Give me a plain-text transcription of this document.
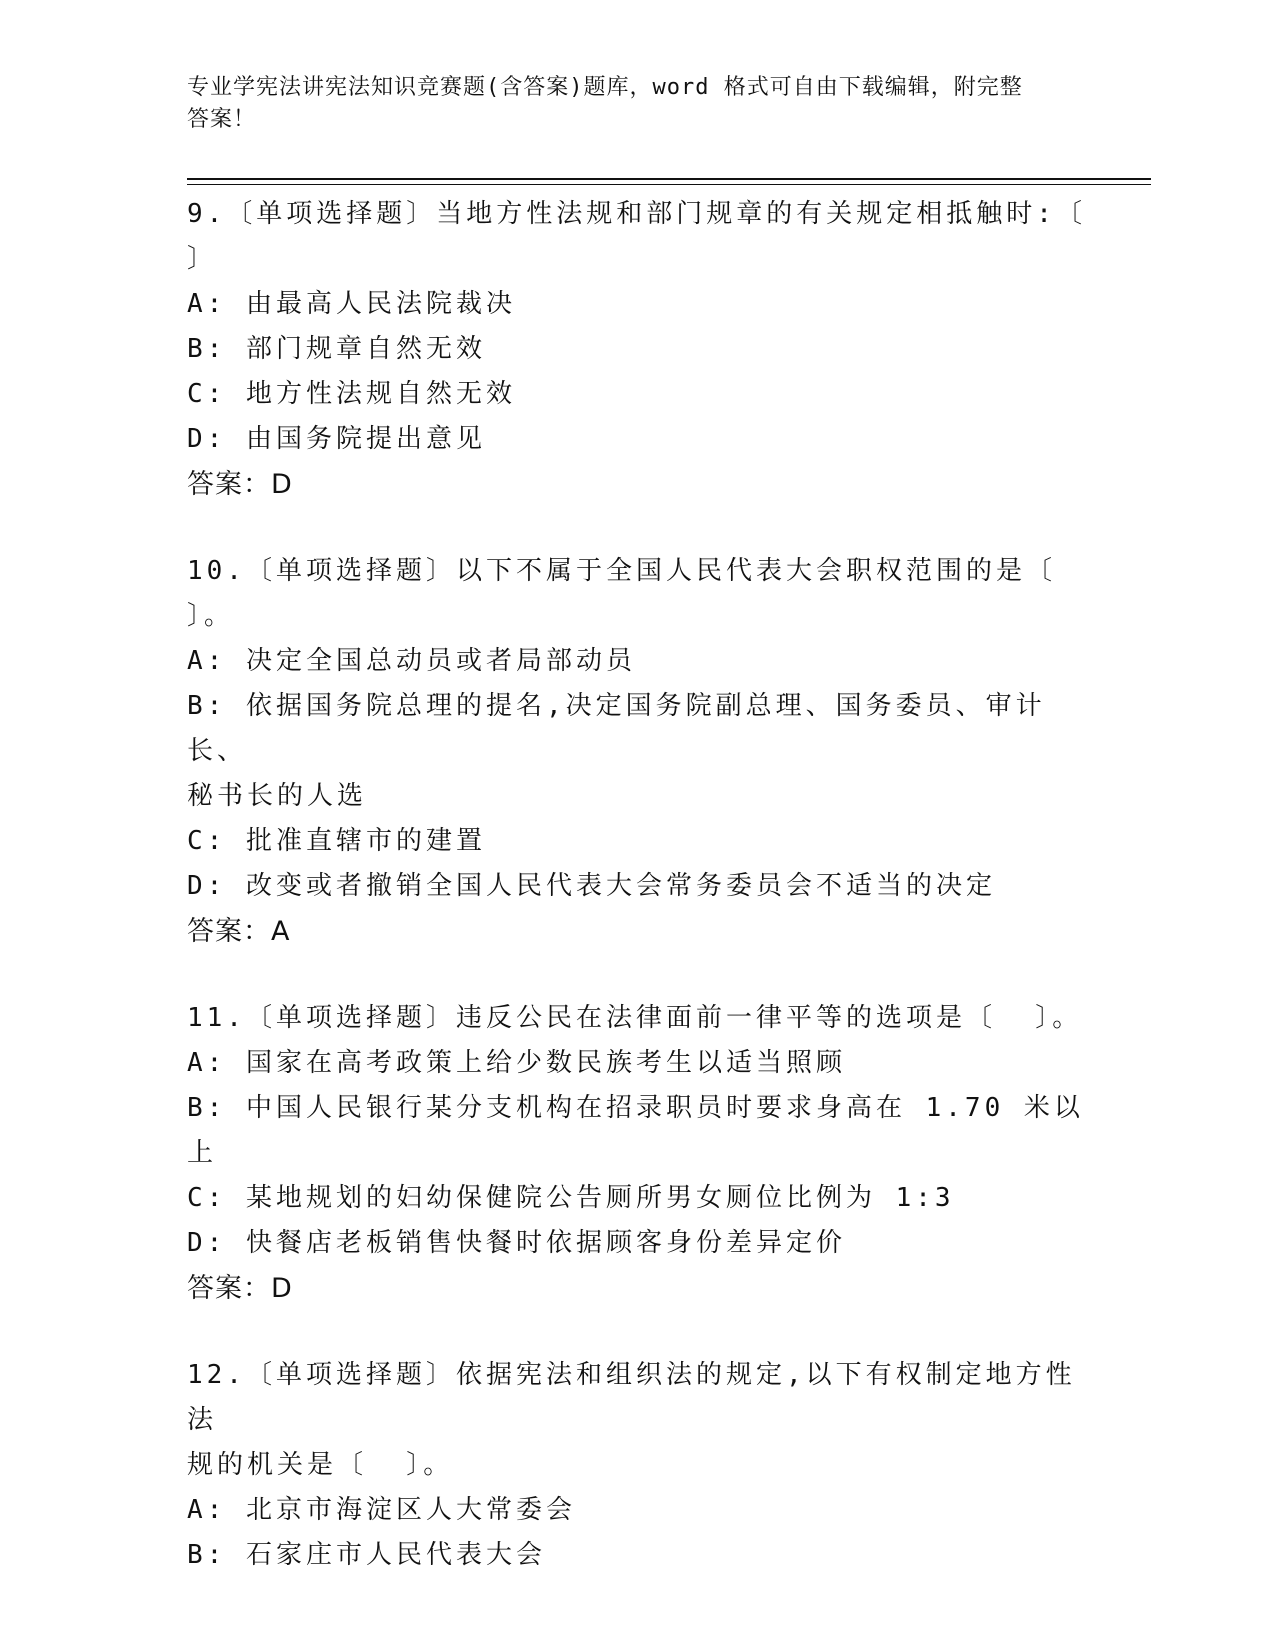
专业学宪法讲宪法知识竞赛题(含答案)题库，word 格式可自由下载编辑，附完整
答案！

9.〔单项选择题〕当地方性法规和部门规章的有关规定相抵触时:〔
〕

A: 由最高人民法院裁决

B: 部门规章自然无效

C: 地方性法规自然无效

D: 由国务院提出意见

答案：D

10.〔单项选择题〕以下不属于全国人民代表大会职权范围的是〔
〕。

A: 决定全国总动员或者局部动员

B: 依据国务院总理的提名,决定国务院副总理、国务委员、审计长、
秘书长的人选

C: 批准直辖市的建置

D: 改变或者撤销全国人民代表大会常务委员会不适当的决定

答案：A

11.〔单项选择题〕违反公民在法律面前一律平等的选项是〔  〕。

A: 国家在高考政策上给少数民族考生以适当照顾

B: 中国人民银行某分支机构在招录职员时要求身高在 1.70 米以上

C: 某地规划的妇幼保健院公告厕所男女厕位比例为 1:3

D: 快餐店老板销售快餐时依据顾客身份差异定价

答案：D

12.〔单项选择题〕依据宪法和组织法的规定,以下有权制定地方性法
规的机关是〔  〕。

A: 北京市海淀区人大常委会

B: 石家庄市人民代表大会
